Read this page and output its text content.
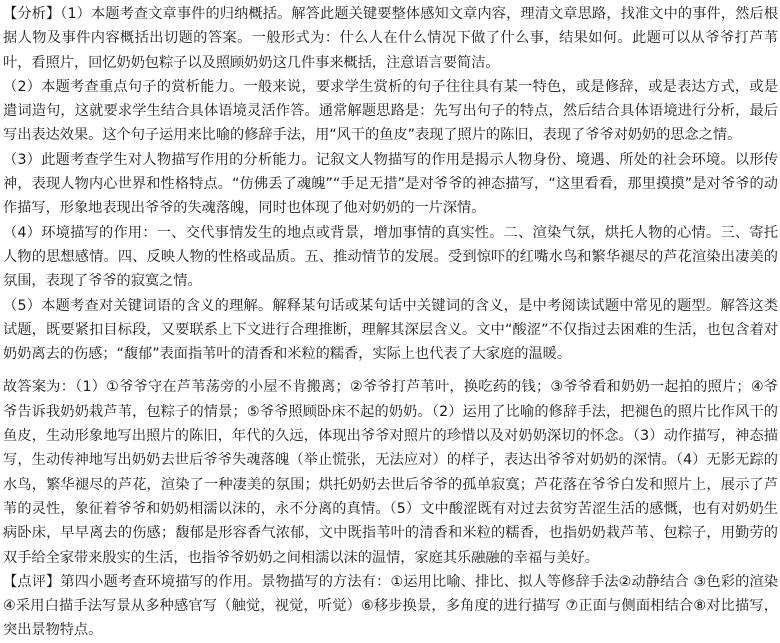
【分析】（1）本题考查文章事件的归纳概括。解答此题关键要整体感知文章内容，理清文章思路，找准文中的事件，然后根据人物及事件内容概括出切题的答案。一般形式为：什么人在什么情况下做了什么事，结果如何。此题可以从爷爷打芦苇叶，看照片，回忆奶奶包粽子以及照顾奶奶这几件事来概括，注意语言要简洁。

（2）本题考查重点句子的赏析能力。一般来说，要求学生赏析的句子往往具有某一特色，或是修辞，或是表达方式，或是遣词造句，这就要求学生结合具体语境灵活作答。通常解题思路是：先写出句子的特点，然后结合具体语境进行分析，最后写出表达效果。这个句子运用来比喻的修辞手法，用“风干的鱼皮”表现了照片的陈旧，表现了爷爷对奶奶的思念之情。

（3）此题考查学生对人物描写作用的分析能力。记叙文人物描写的作用是揭示人物身份、境遇、所处的社会环境。以形传神，表现人物内心世界和性格特点。“仿佛丢了魂魄”“手足无措”是对爷爷的神态描写，“这里看看，那里摸摸”是对爷爷的动作描写，形象地表现出爷爷的失魂落魄，同时也体现了他对奶奶的一片深情。

（4）环境描写的作用：一、交代事情发生的地点或背景，增加事情的真实性。二、渲染气氛，烘托人物的心情。三、寄托人物的思想感情。四、反映人物的性格或品质。五、推动情节的发展。受到惊吓的红嘴水鸟和繁华褪尽的芦花渲染出凄美的氛围，表现了爷爷的寂寞之情。

（5）本题考查对关键词语的含义的理解。解释某句话或某句话中关键词的含义，是中考阅读试题中常见的题型。解答这类试题，既要紧扣目标段，又要联系上下文进行合理推断，理解其深层含义。文中“酸涩”不仅指过去困难的生活，也包含着对奶奶离去的伤感；“馥郁”表面指苇叶的清香和米粒的糯香，实际上也代表了大家庭的温暖。

故答案为：（1）①爷爷守在芦苇荡旁的小屋不肯搬离；②爷爷打芦苇叶，换吃药的钱；③爷爷看和奶奶一起拍的照片；④爷爷告诉我奶奶栽芦苇，包粽子的情景；⑤爷爷照顾卧床不起的奶奶。（2）运用了比喻的修辞手法，把褪色的照片比作风干的鱼皮，生动形象地写出照片的陈旧，年代的久远，体现出爷爷对照片的珍惜以及对奶奶深切的怀念。（3）动作描写，神态描写，生动传神地写出奶奶去世后爷爷失魂落魄（举止慌张，无法应对）的样子，表达出爷爷对奶奶的深情。（4）无影无踪的水鸟，繁华褪尽的芦花，渲染了一种凄美的氛围；烘托奶奶去世后爷爷的孤单寂寞；芦花落在爷爷白发和照片上，展示了芦苇的灵性，象征着爷爷和奶奶相濡以沫的，永不分离的真情。（5）文中酸涩既有对过去贫穷苦涩生活的感慨，也有对奶奶生病卧床，早早离去的伤感；馥郁是形容香气浓郁，文中既指苇叶的清香和米粒的糯香，也指奶奶栽芦苇、包粽子，用勤劳的双手给全家带来殷实的生活，也指爷爷奶奶之间相濡以沫的温情，家庭其乐融融的幸福与美好。

【点评】第四小题考查环境描写的作用。景物描写的方法有：①运用比喻、排比、拟人等修辞手法②动静结合 ③色彩的渲染 ④采用白描手法写景从多种感官写（触觉，视觉，听觉）⑥移步换景，多角度的进行描写 ⑦正面与侧面相结合⑧对比描写，突出景物特点。
